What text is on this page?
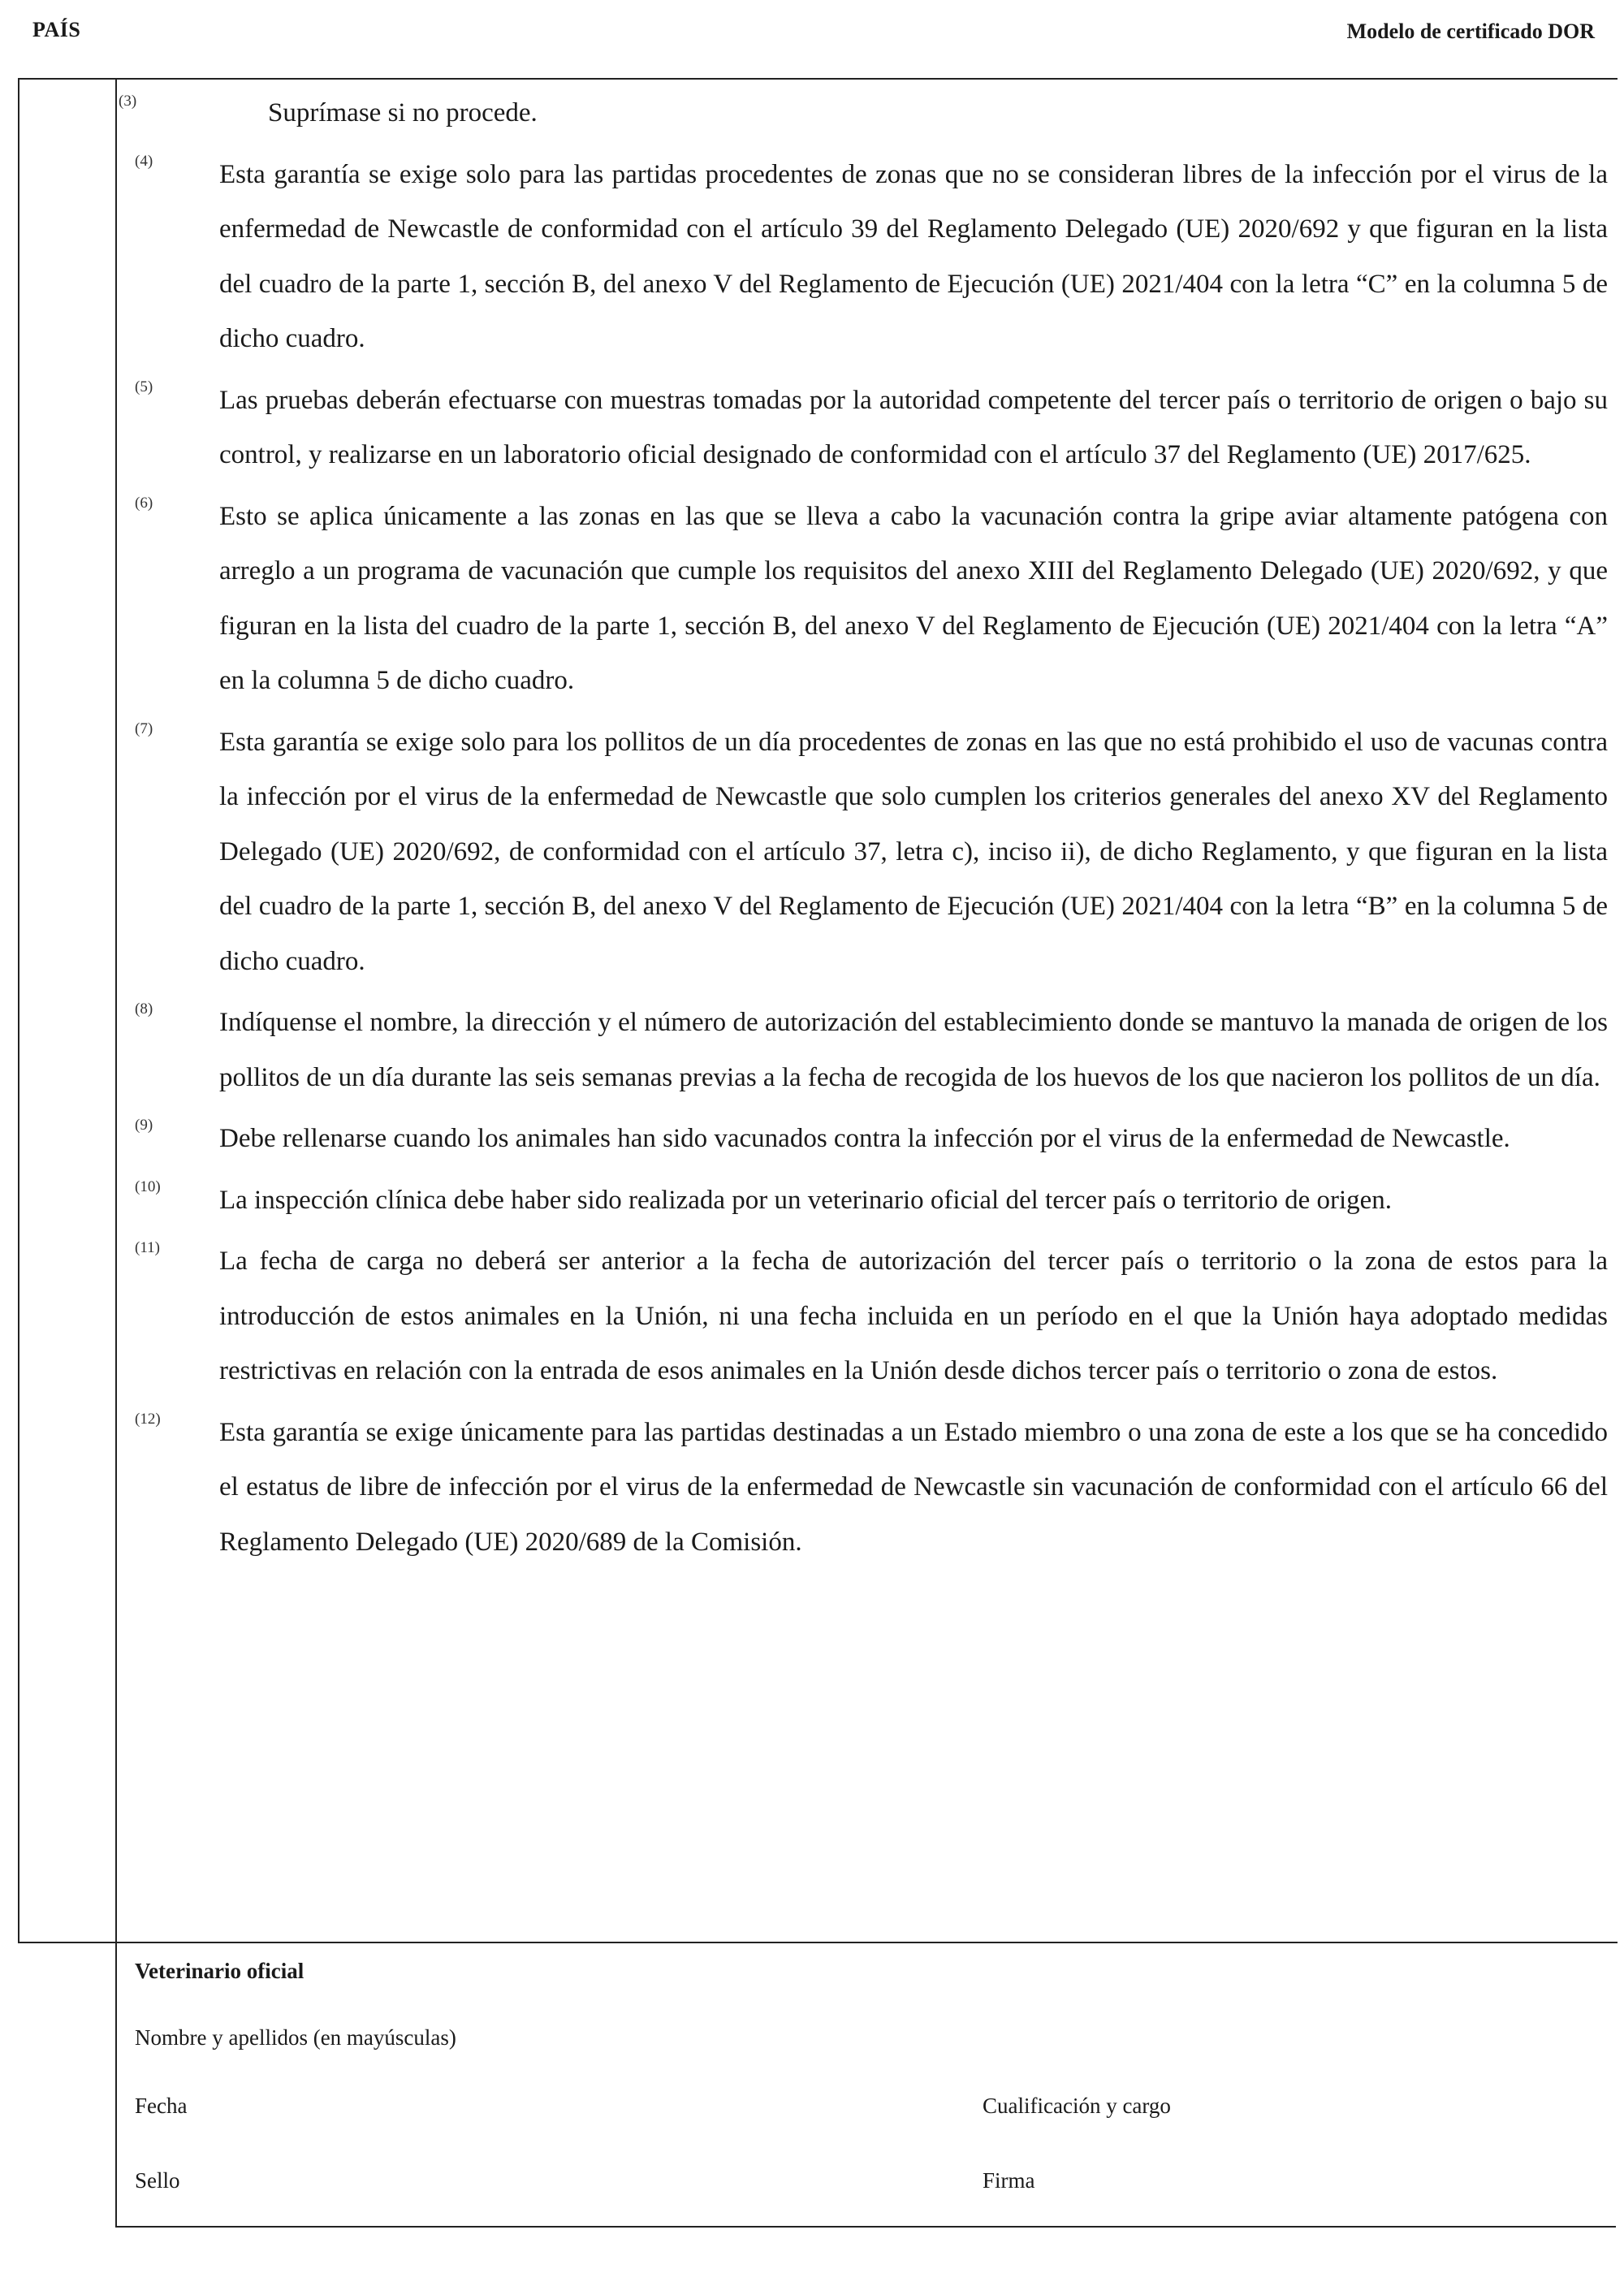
PAÍS	Modelo de certificado DOR
(3)	Suprímase si no procede.
(4) Esta garantía se exige solo para las partidas procedentes de zonas que no se consideran libres de la infección por el virus de la enfermedad de Newcastle de conformidad con el artículo 39 del Reglamento Delegado (UE) 2020/692 y que figuran en la lista del cuadro de la parte 1, sección B, del anexo V del Reglamento de Ejecución (UE) 2021/404 con la letra “C” en la columna 5 de dicho cuadro.
(5) Las pruebas deberán efectuarse con muestras tomadas por la autoridad competente del tercer país o territorio de origen o bajo su control, y realizarse en un laboratorio oficial designado de conformidad con el artículo 37 del Reglamento (UE) 2017/625.
(6) Esto se aplica únicamente a las zonas en las que se lleva a cabo la vacunación contra la gripe aviar altamente patógena con arreglo a un programa de vacunación que cumple los requisitos del anexo XIII del Reglamento Delegado (UE) 2020/692, y que figuran en la lista del cuadro de la parte 1, sección B, del anexo V del Reglamento de Ejecución (UE) 2021/404 con la letra “A” en la columna 5 de dicho cuadro.
(7) Esta garantía se exige solo para los pollitos de un día procedentes de zonas en las que no está prohibido el uso de vacunas contra la infección por el virus de la enfermedad de Newcastle que solo cumplen los criterios generales del anexo XV del Reglamento Delegado (UE) 2020/692, de conformidad con el artículo 37, letra c), inciso ii), de dicho Reglamento, y que figuran en la lista del cuadro de la parte 1, sección B, del anexo V del Reglamento de Ejecución (UE) 2021/404 con la letra “B” en la columna 5 de dicho cuadro.
(8) Indíquense el nombre, la dirección y el número de autorización del establecimiento donde se mantuvo la manada de origen de los pollitos de un día durante las seis semanas previas a la fecha de recogida de los huevos de los que nacieron los pollitos de un día.
(9) Debe rellenarse cuando los animales han sido vacunados contra la infección por el virus de la enfermedad de Newcastle.
(10) La inspección clínica debe haber sido realizada por un veterinario oficial del tercer país o territorio de origen.
(11) La fecha de carga no deberá ser anterior a la fecha de autorización del tercer país o territorio o la zona de estos para la introducción de estos animales en la Unión, ni una fecha incluida en un período en el que la Unión haya adoptado medidas restrictivas en relación con la entrada de esos animales en la Unión desde dichos tercer país o territorio o zona de estos.
(12) Esta garantía se exige únicamente para las partidas destinadas a un Estado miembro o una zona de este a los que se ha concedido el estatus de libre de infección por el virus de la enfermedad de Newcastle sin vacunación de conformidad con el artículo 66 del Reglamento Delegado (UE) 2020/689 de la Comisión.
Veterinario oficial
Nombre y apellidos (en mayúsculas)
Fecha	Cualificación y cargo
Sello	Firma
